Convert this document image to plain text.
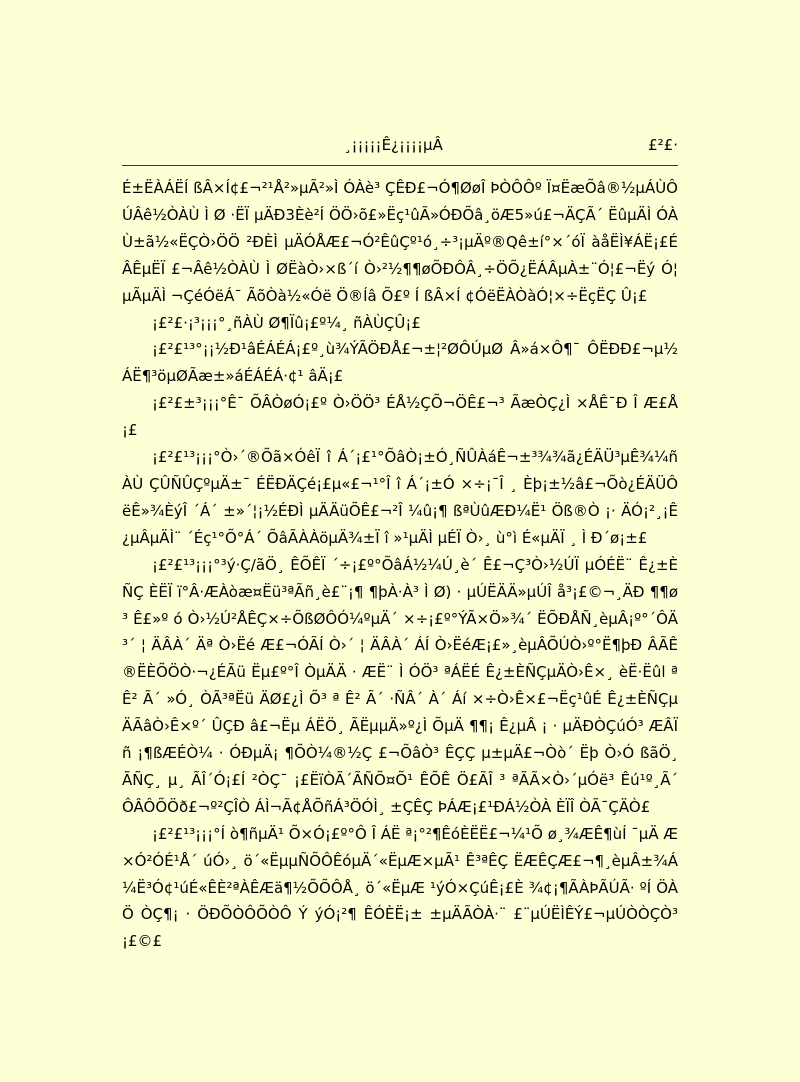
¸¡¡¡¡¡Ê¿¡¡¡¡µÂ	£²£·

É±ËÀÁËÍ ßÂ×Í¢£¬²¹Å²»µÃ²»Ì ÓÀè³ ÇÊÐ£¬Ó¶ØøÎ ÞÒÔÔº Ï¤ËæÕâ®½µÁÙÔÚÂê½ÒÀÙ Ì Ø ·ËÏ µÄÐ3Èè²Í ÖÖ›õ£»Ëç¹ûÃ»ÓÐÕâ¸öÆ5»ú£¬ÄÇÃ´ ËûµÄÌ ÓÀÙ±ã½«ËÇÒ›ÖÖ ²ÐÈÌ µÄÓÅÆ£¬Ó²ÊûÇº¹ó¸÷³¡µÄº®Qê±í°×´óÏ àåËÌ¥ÁË¡£ÉÂÊµËÏ £¬Âê½ÒÀÙ Ì ØËàÒ›×ß´í Ò›²½¶¶øÕÐÔÂ¸÷ÖÕ¿ËÁÂµÀ±¨Ó¦£¬Ëý Ó¦µÃµÄÌ ¬ÇéÓëÁ¯ ÃõÒà½«Óë Ö®Íâ Õ£º Í ßÂ×Í ¢ÓëËÀÒàÓ¦×÷ËçËÇ Û¡£

¡£²£·¡³¡¡¡°¸ñÀÙ Ø¶Ïû¡£º¼¸ ñÀÙÇÛ¡£

¡£²£¹³°¡¡½Ð¹âÉÁÉÁ¡£º¸ù¾ÝÃÖÐÅ£¬±¦²ØÔÚµØ Â»á×Ô¶¯ ÔËÐÐ£¬µ½ÁË¶³öµØÃæ±»áÉÁÉÁ·¢¹ âÄ¡£

¡£²£±³¡¡¡°Ê¯ ÕÂÒøÓ¡£º Ò›ÖÖ³ ÉÅ½ÇÕ¬ÖÊ£¬³ ÃæÒÇ¿Ì ×ÅÊ¯Ð Î Æ£Å¡£

¡£²£¹³¡¡¡°Ò›´®Õã×ÓêÏ î Á´¡£¹°ÕâÒ¡±Ó¸ÑÛÀáÊ¬±³¾¾ã¿ÉÄÜ³µÊ¾¼ñÀÙ ÇÛÑÛÇºµÄ±¯ ÉËÐÄÇé¡£µ«£¬¹°Î î Á´¡±Ó ×÷¡¯Î ¸ Èþ¡±½â£¬Õò¿ÉÄÜÔëÊ»¾ÈýÎ ´Á´ ±»´¦¡½ÉÐÌ µÄÄüÕÊ£¬²Î ¼û¡¶ ßªÙûÆÐ¼Ë¹ Öß®Ò ¡· ÄÓ¡²¸¡Ê¿µÂµÄÌ¨ ´Éç¹°Õ°Á´ ÕâÃÀÀöµÄ¾±Ï î »¹µÄÌ µÉÏ Ò›¸ ù°ì É«µÄÏ ¸ Ì Ð´ø¡±£

¡£²£¹³¡¡¡°³ý·Ç/ãÖ¸ ÊÕÊÏ ´÷¡£º°ÕâÁ½¼Ú¸è´ Ê£¬Ç³Ò›½ÚÏ µÓÉË¨ Ê¿±ÈÑÇ ÈËÏ ï°Â·ÆÀòæ¤Ëü³ªÃñ¸è£¨¡¶ ¶þÀ·À³ Ì Ø) · µÚËÄÄ»µÚÎ å³¡£©¬¸ÄÐ ¶¶ø³ Ê£»º ó Ò›½Ú²ÅÊÇ×÷ÕßØÔÓ¼ºµÄ´ ×÷¡£º°ÝÃ×Ö»¾´ ËÕÐÅÑ¸èµÂ¡º°´ÔÄ³´ ¦ ÄÂÀ´ Äª Ò›Ëé Æ£¬ÓÃÍ Ò›´ ¦ ÄÂÀ´ ÁÍ Ò›ËéÆ¡£»¸èµÂÕÚÒ›º°Ë¶þÐ ÂÃÊ®ËÈÕÖÒ·¬¿ÉÃü Ëµ£º°Î ÒµÄÄ · ÆË¨ Ì ÓÖ³ ªÁËÉ Ê¿±ÈÑÇµÄÒ›Ê×¸ èË·Ëûl ª Ê² Ã´ »Ó¸ ÒÃ³ªËü ÄØ£¿Ì Õ³ ª Ê² Ã´ ·ÑÂ´ À´ Áí ×÷Ò›Ê×£¬Ëç¹ûÉ Ê¿±ÈÑÇµÄÃâÒ›Ê×º´ ÛÇÐ â£¬Ëµ ÁËÖ¸ ÃËµµÄ»º¿Ì ÕµÄ ¶¶¡ Ê¿µÂ ¡ · µÄÐÒÇúÓ³ ÆÂÏ ñ ¡¶ßÆÉÒ¼ · ÓÐµÄ¡ ¶ÕÒ¼®½Ç £¬ÕâÒ³ ÊÇÇ µ±µÄ£¬Òò´ Ëþ Ò›Ó ßãÖ¸ ÃÑÇ¸ µ¸ ÃÎ´Ó¡£Í ²ÒÇ¯ ¡£ËïÒÃ´ÃÑÕ¤Õ¹ ÊÕÊ Ö£ÃÎ ³ ªÃÃ×Ò›´µÓë³ Êú¹º¸Ã´ ÔÂÔÕÖð£¬º²ÇÎÒ ÁÌ¬Ã¢ÅÕñÁ³ÖÓÌ¸ ±ÇÊÇ ÞÁÆ¡£¹ÐÁ½ÒÀ ÈÏÎ ÒÃ¯ÇÄÒ£

¡£²£¹³¡¡¡°Í ò¶ñµÄ¹ Õ×Ó¡£º°Ô Î ÁË ª¡°²¶ÊóÈËË£¬¼¹Õ ø¸¾ÆÊ¶ùÍ ¯µÄ Æ×Ó²ÓÉ¹Å´ úÓ›¸ ö´«ËµµÑÕÔÊóµÄ´«ËµÆ×µÃ¹ Ê³ªÊÇ ËÆÊÇÆ£¬¶¸èµÂ±¾Á¼Ë³Ó¢¹úÉ«ÊÈ²ªÀÊÆä¶½ÕÕÔÅ¸ ö´«ËµÆ ¹ýÓ×ÇúÊ¡£È ¾¢¡¶ÃÀÞÃÚÃ· ºÍ ÖÀÖ ÒÇ¶¡ · ÖÐÕÒÔÕÒÔ Ý ýÓ¡²¶ ÊÓÈË¡± ±µÄÃÒÀ·¨ £¨µÚËÌÊÝ£¬µÚÒÒÇÒ³¡£©£
